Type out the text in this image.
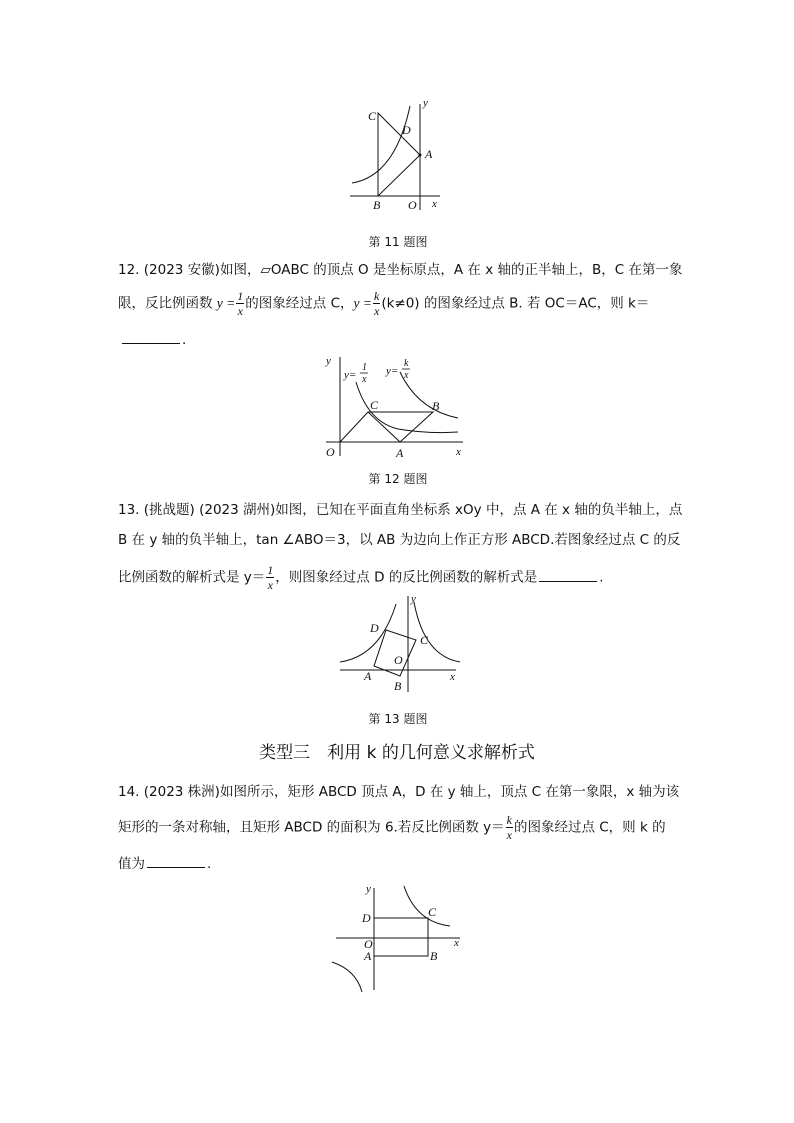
C
D
A
B O x
y
第 11 题图
12. (2023 安徽)如图，▱OABC 的顶点 O 是坐标原点，A 在 x 轴的正半轴上，B，C 在第一象
限，反比例函数 $y = \frac{1}{x}$ 的图象经过点 C，$y = \frac{k}{x} (k\ne 0)$ 的图象经过点 B. 若 OC＝AC，则 k＝
.
y=
1
x
y=
k
x
C	B
A
O	x
y
第 12 题图
13. (挑战题) (2023 湖州)如图，已知在平面直角坐标系 xOy 中，点 A 在 x 轴的负半轴上，点
B 在 y 轴的负半轴上，tan ∠ABO＝3，以 AB 为边向上作正方形 ABCD.若图象经过点 C 的反
比例函数的解析式是 $y= \frac{1}{x}$ ，则图象经过点 D 的反比例函数的解析式是	.
D
C
O
A
B
x
y
第 13 题图
类型三　利用 k 的几何意义求解析式
14. (2023 株洲)如图所示，矩形 ABCD 顶点 A，D 在 y 轴上，顶点 C 在第一象限，x 轴为该
矩形的一条对称轴，且矩形 ABCD 的面积为 6.若反比例函数 $y= \frac{k}{x}$ 的图象经过点 C，则 k 的
值为	.
D	C
O
A	B
x
y
